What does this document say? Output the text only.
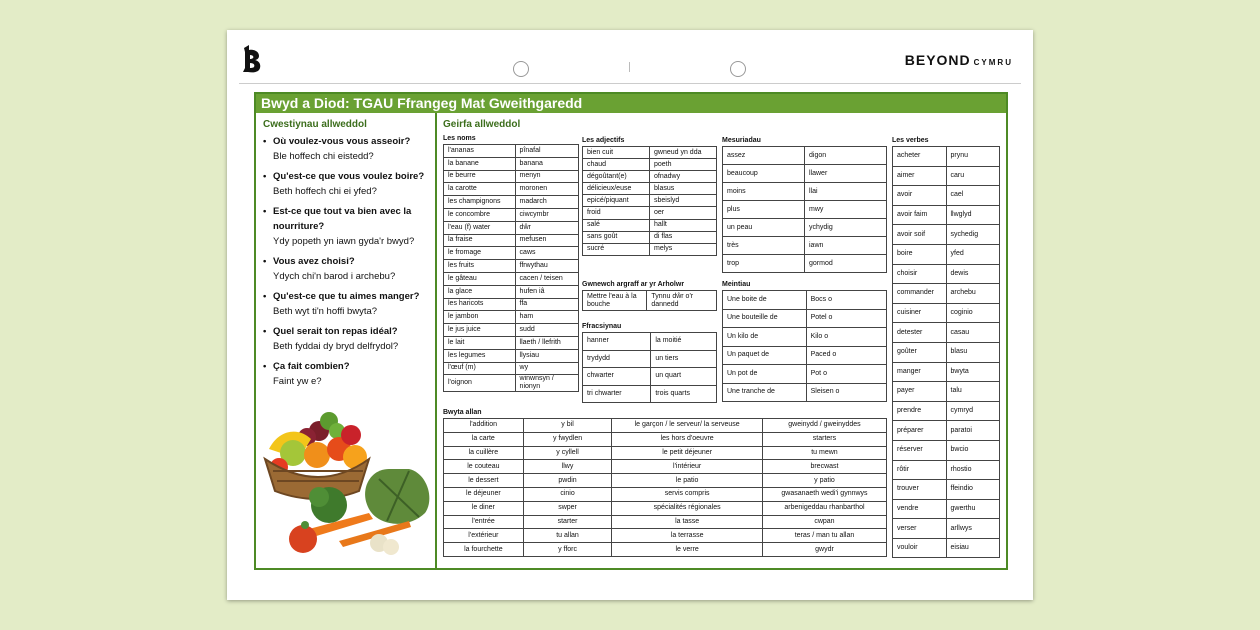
BEYOND CYMRU
Bwyd a Diod: TGAU Ffrangeg Mat Gweithgaredd
Cwestiynau allweddol
• Où voulez-vous vous asseoir?
Ble hoffech chi eistedd?
• Qu'est-ce que vous voulez boire?
Beth hoffech chi ei yfed?
• Est-ce que tout va bien avec la nourriture?
Ydy popeth yn iawn gyda'r bwyd?
• Vous avez choisi?
Ydych chi'n barod i archebu?
• Qu'est-ce que tu aimes manger?
Beth wyt ti'n hoffi bwyta?
• Quel serait ton repas idéal?
Beth fyddai dy bryd delfrydol?
• Ça fait combien?
Faint yw e?
Geirfa allweddol
Les noms
l'ananas	pînafal
la banane	banana
le beurre	menyn
la carotte	moronen
les champignons	madarch
le concombre	ciwcymbr
l'eau (f) water	dŵr
la fraise	mefusen
le fromage	caws
les fruits	ffrwythau
le gâteau	cacen / teisen
la glace	hufen iâ
les haricots	ffa
le jambon	ham
le jus juice	sudd
le lait	llaeth / llefrith
les legumes	llysiau
l'œuf (m)	wy
l'oignon	winwnsyn / nionyn
Les adjectifs
bien cuit	gwneud yn dda
chaud	poeth
dégoûtant(e)	ofnadwy
délicieux/euse	blasus
epicé/piquant	sbeislyd
froid	oer
salé	hallt
sans goût	di flas
sucré	melys
Gwnewch argraff ar yr Arholwr
Mettre l'eau à la bouche	Tynnu dŵr o'r dannedd
Ffracsiynau
hanner	la moitié
trydydd	un tiers
chwarter	un quart
tri chwarter	trois quarts
Mesuriadau
assez	digon
beaucoup	llawer
moins	llai
plus	mwy
un peau	ychydig
très	iawn
trop	gormod
Meintiau
Une boite de	Bocs o
Une bouteille de	Potel o
Un kilo de	Kilo o
Un paquet de	Paced o
Un pot de	Pot o
Une tranche de	Sleisen o
Les verbes
acheter	prynu
aimer	caru
avoir	cael
avoir faim	llwglyd
avoir soif	sychedig
boire	yfed
choisir	dewis
commander	archebu
cuisiner	coginio
detester	casau
goûter	blasu
manger	bwyta
payer	talu
prendre	cymryd
préparer	paratoi
réserver	bwcio
rôtir	rhostio
trouver	ffeindio
vendre	gwerthu
verser	arllwys
vouloir	eisiau
Bwyta allan
l'addition	y bil	le garçon / le serveur/ la serveuse	gweinydd / gweinyddes
la carte	y fwydlen	les hors d'oeuvre	starters
la cuillère	y cyllell	le petit déjeuner	tu mewn
le couteau	llwy	l'intérieur	brecwast
le dessert	pwdin	le patio	y patio
le déjeuner	cinio	servis compris	gwasanaeth wedi'i gynnwys
le diner	swper	spécialités régionales	arbenigeddau rhanbarthol
l'entrée	starter	la tasse	cwpan
l'extérieur	tu allan	la terrasse	teras / man tu allan
la fourchette	y fforc	le verre	gwydr
